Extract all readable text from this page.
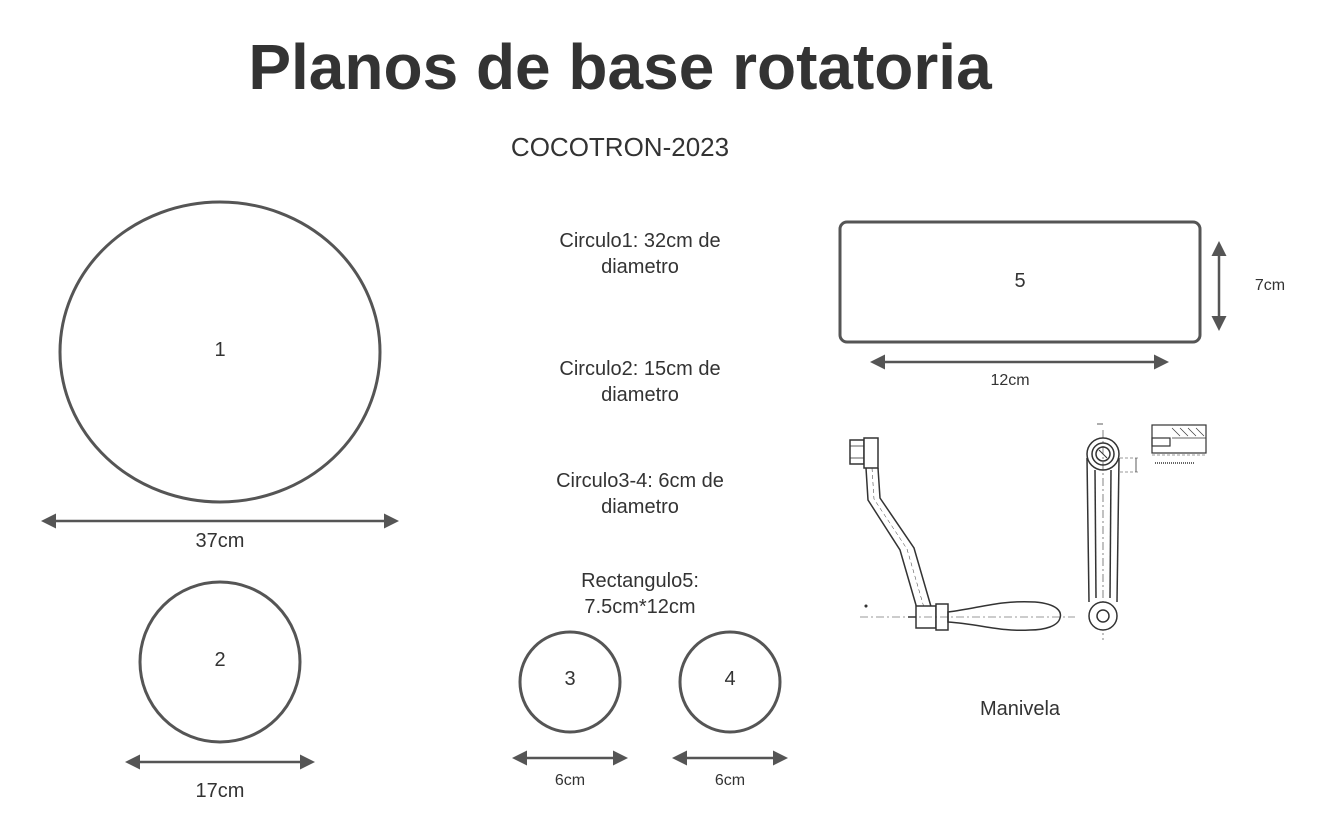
Planos de base rotatoria
COCOTRON-2023
Circulo1: 32cm de diametro
Circulo2: 15cm de diametro
Circulo3-4: 6cm de diametro
Rectangulo5: 7.5cm*12cm
1
37cm
2
17cm
3
6cm
4
6cm
5
12cm
7cm
Manivela
